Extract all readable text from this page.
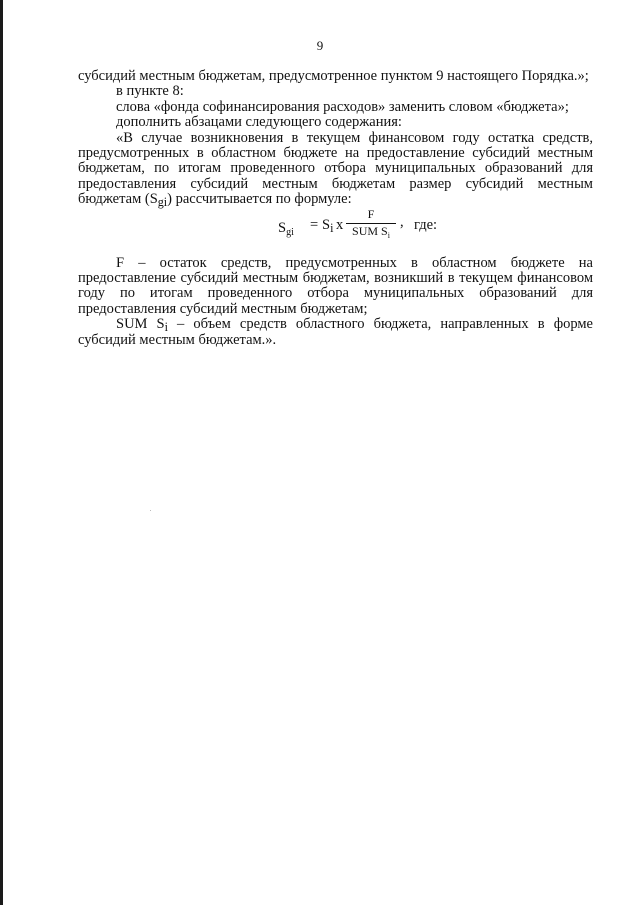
9

субсидий местным бюджетам, предусмотренное пунктом 9 настоящего Порядка.»;

в пункте 8:

слова «фонда софинансирования расходов» заменить словом «бюджета»;

дополнить абзацами следующего содержания:

«В случае возникновения в текущем финансовом году остатка средств, предусмотренных в областном бюджете на предоставление субсидий местным бюджетам, по итогам проведенного отбора муниципальных образований для предоставления субсидий местным бюджетам размер субсидий местным бюджетам $(S_{gi})$ рассчитывается по формуле:

$S_{gi} = S_i$ x
F
SUM $S_i$
, где:

F – остаток средств, предусмотренных в областном бюджете на предоставление субсидий местным бюджетам, возникший в текущем финансовом году по итогам проведенного отбора муниципальных образований для предоставления субсидий местным бюджетам;

SUM $S_i$ – объем средств областного бюджета, направленных в форме субсидий местным бюджетам.».
